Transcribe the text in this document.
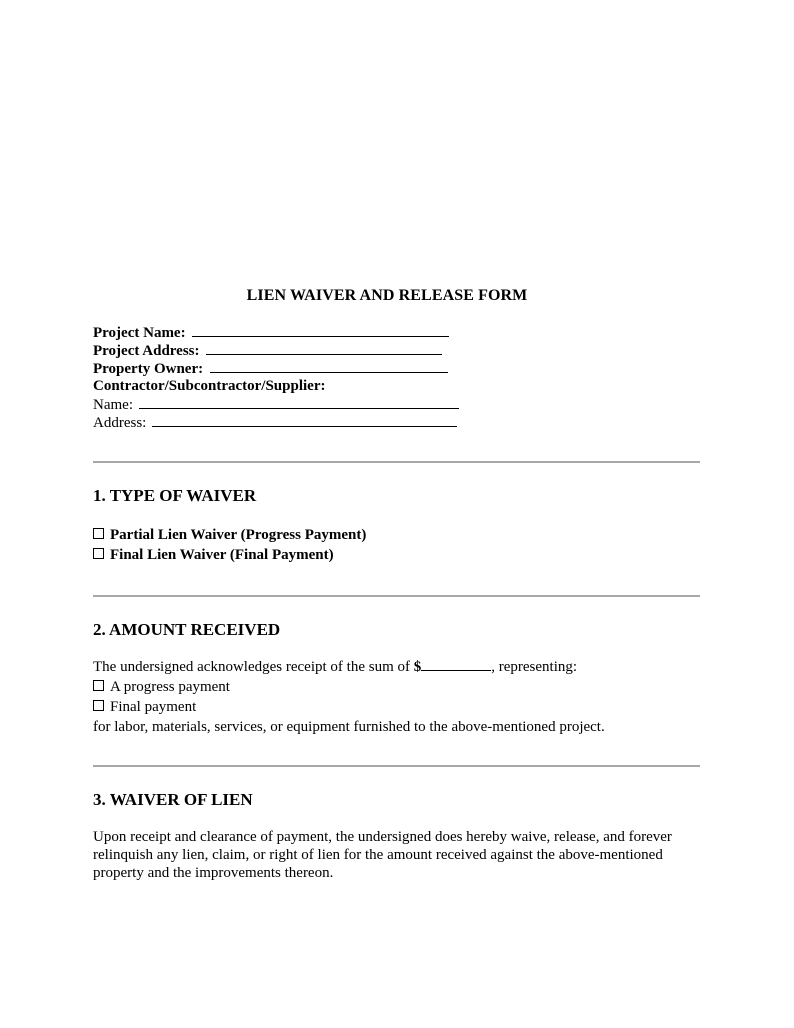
LIEN WAIVER AND RELEASE FORM
Project Name:
Project Address:
Property Owner:
Contractor/Subcontractor/Supplier:
Name:
Address:
1. TYPE OF WAIVER
Partial Lien Waiver (Progress Payment)
Final Lien Waiver (Final Payment)
2. AMOUNT RECEIVED
The undersigned acknowledges receipt of the sum of $	, representing:
A progress payment
Final payment
for labor, materials, services, or equipment furnished to the above-mentioned project.
3. WAIVER OF LIEN
Upon receipt and clearance of payment, the undersigned does hereby waive, release, and forever
relinquish any lien, claim, or right of lien for the amount received against the above-mentioned
property and the improvements thereon.
